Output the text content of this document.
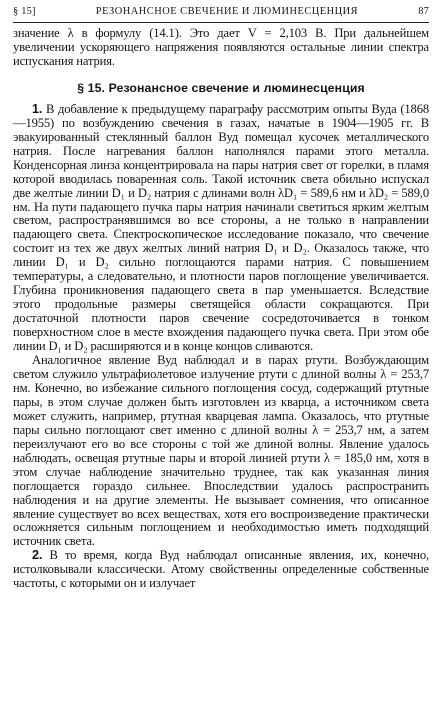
§ 15]	РЕЗОНАНСНОЕ СВЕЧЕНИЕ И ЛЮМИНЕСЦЕНЦИЯ	87

значение λ в формулу (14.1). Это дает V = 2,103 В. При дальнейшем увеличении ускоряющего напряжения появляются остальные линии спектра испускания натрия.

§ 15. Резонансное свечение и люминесценция

1. В добавление к предыдущему параграфу рассмотрим опыты Вуда (1868—1955) по возбуждению свечения в газах, начатые в 1904—1905 гг. В эвакуированный стеклянный баллон Вуд помещал кусочек металлического натрия. После нагревания баллон наполнялся парами этого металла. Конденсорная линза концентрировала на пары натрия свет от горелки, в пламя которой вводилась поваренная соль. Такой источник света обильно испускал две желтые линии D₁ и D₂ натрия с длинами волн λD₁ = 589,6 нм и λD₂ = 589,0 нм. На пути падающего пучка пары натрия начинали светиться ярким желтым светом, распространявшимся во все стороны, а не только в направлении падающего света. Спектроскопическое исследование показало, что свечение состоит из тех же двух желтых линий натрия D₁ и D₂. Оказалось также, что линии D₁ и D₂ сильно поглощаются парами натрия. С повышением температуры, а следовательно, и плотности паров поглощение увеличивается. Глубина проникновения падающего света в пар уменьшается. Вследствие этого продольные размеры светящейся области сокращаются. При достаточной плотности паров свечение сосредоточивается в тонком поверхностном слое в месте вхождения падающего пучка света. При этом обе линии D₁ и D₂ расширяются и в конце концов сливаются.

Аналогичное явление Вуд наблюдал и в парах ртути. Возбуждающим светом служило ультрафиолетовое излучение ртути с длиной волны λ = 253,7 нм. Конечно, во избежание сильного поглощения сосуд, содержащий ртутные пары, в этом случае должен быть изготовлен из кварца, а источником света может служить, например, ртутная кварцевая лампа. Оказалось, что ртутные пары сильно поглощают свет именно с длиной волны λ = 253,7 нм, а затем переизлучают его во все стороны с той же длиной волны. Явление удалось наблюдать, освещая ртутные пары и второй линией ртути λ = 185,0 нм, хотя в этом случае наблюдение значительно труднее, так как указанная линия поглощается гораздо сильнее. Впоследствии удалось распространить наблюдения и на другие элементы. Не вызывает сомнения, что описанное явление существует во всех веществах, хотя его воспроизведение практически осложняется сильным поглощением и необходимостью иметь подходящий источник света.

2. В то время, когда Вуд наблюдал описанные явления, их, конечно, истолковывали классически. Атому свойственны определенные собственные частоты, с которыми он и излучает
